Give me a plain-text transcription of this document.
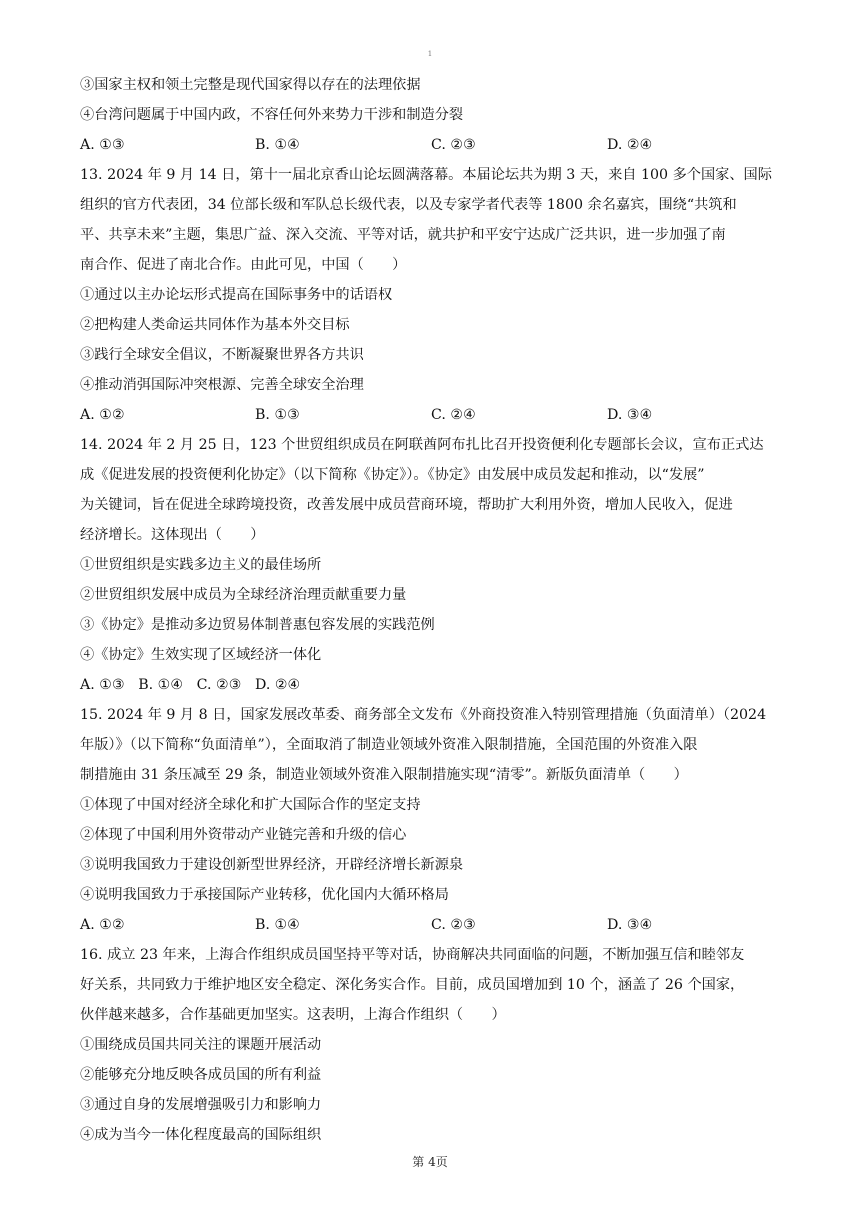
1
③国家主权和领土完整是现代国家得以存在的法理依据
④台湾问题属于中国内政，不容任何外来势力干涉和制造分裂
A. ①③	B. ①④	C. ②③	D. ②④
13. 2024 年 9 月 14 日，第十一届北京香山论坛圆满落幕。本届论坛共为期 3 天，来自 100 多个国家、国际
组织的官方代表团，34 位部长级和军队总长级代表，以及专家学者代表等 1800 余名嘉宾，围绕“共筑和
平、共享未来”主题，集思广益、深入交流、平等对话，就共护和平安宁达成广泛共识，进一步加强了南
南合作、促进了南北合作。由此可见，中国（　　）
①通过以主办论坛形式提高在国际事务中的话语权
②把构建人类命运共同体作为基本外交目标
③践行全球安全倡议，不断凝聚世界各方共识
④推动消弭国际冲突根源、完善全球安全治理
A. ①②	B. ①③	C. ②④	D. ③④
14. 2024 年 2 月 25 日，123 个世贸组织成员在阿联酋阿布扎比召开投资便利化专题部长会议，宣布正式达
成《促进发展的投资便利化协定》（以下简称《协定》）。《协定》由发展中成员发起和推动，以“发展”
为关键词，旨在促进全球跨境投资，改善发展中成员营商环境，帮助扩大利用外资，增加人民收入，促进
经济增长。这体现出（　　）
①世贸组织是实践多边主义的最佳场所
②世贸组织发展中成员为全球经济治理贡献重要力量
③《协定》是推动多边贸易体制普惠包容发展的实践范例
④《协定》生效实现了区域经济一体化
A. ①③ B. ①④ C. ②③ D. ②④
15. 2024 年 9 月 8 日，国家发展改革委、商务部全文发布《外商投资准入特别管理措施（负面清单）（2024
年版）》（以下简称“负面清单”），全面取消了制造业领域外资准入限制措施，全国范围的外资准入限
制措施由 31 条压减至 29 条，制造业领域外资准入限制措施实现“清零”。新版负面清单（　　）
①体现了中国对经济全球化和扩大国际合作的坚定支持
②体现了中国利用外资带动产业链完善和升级的信心
③说明我国致力于建设创新型世界经济，开辟经济增长新源泉
④说明我国致力于承接国际产业转移，优化国内大循环格局
A. ①②	B. ①④	C. ②③	D. ③④
16. 成立 23 年来，上海合作组织成员国坚持平等对话，协商解决共同面临的问题，不断加强互信和睦邻友
好关系，共同致力于维护地区安全稳定、深化务实合作。目前，成员国增加到 10 个，涵盖了 26 个国家，
伙伴越来越多，合作基础更加坚实。这表明，上海合作组织（　　）
①围绕成员国共同关注的课题开展活动
②能够充分地反映各成员国的所有利益
③通过自身的发展增强吸引力和影响力
④成为当今一体化程度最高的国际组织
第 4页
